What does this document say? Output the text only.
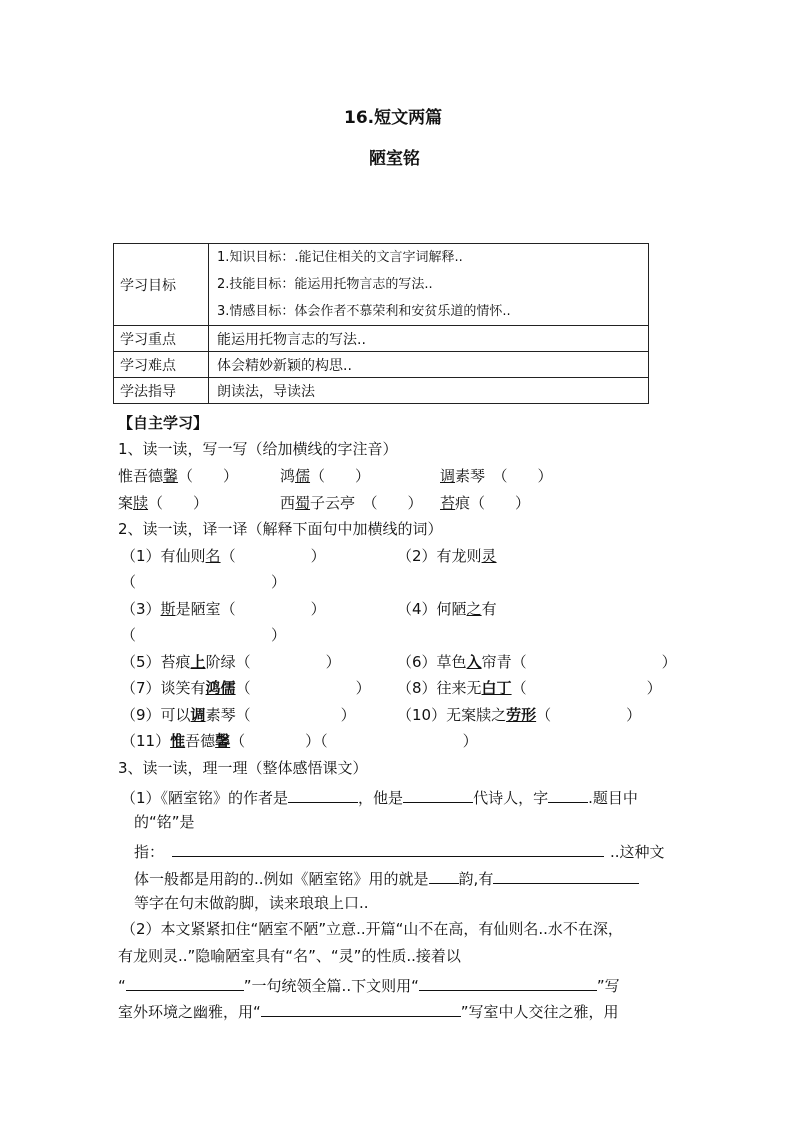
16.短文两篇
陋室铭
学习目标	1.知识目标：.能记住相关的文言字词解释..
2.技能目标：能运用托物言志的写法..
3.情感目标：体会作者不慕荣利和安贫乐道的情怀..

学习重点	能运用托物言志的写法..
学习难点	体会精妙新颖的构思..
学法指导	朗读法，导读法
【自主学习】
1、读一读，写一写（给加横线的字注音）
惟吾德馨（　　）	鸿儒（　　）	调素琴　（　　）
案牍（　　）	西蜀子云亭　（　　） 苔痕（　　）
2、读一读，译一译（解释下面句中加横线的词）
（1）有仙则名（　　　　　）	（2）有龙则灵
（　　　　　　　　　）
（3）斯是陋室（　　　　　）	（4）何陋之有
（　　　　　　　　　）
（5）苔痕上阶绿（　　　　　）	（6）草色入帘青（　　　　　　　　　）
（7）谈笑有鸿儒（　　　　　　　） （8）往来无白丁（　　　　　　　　）
（9）可以调素琴（　　　　　　）	（10）无案牍之劳形（　　　　　）
（11）惟吾德馨（　　　　）（　　　　　　　　　）
3、读一读，理一理（整体感悟课文）
（1）《陋室铭》的作者是	，他是	代诗人，字	.题目中
的“铭”是
指：	..这种文
体一般都是用韵的..例如《陋室铭》用的就是 韵,有
等字在句末做韵脚，读来琅琅上口..
（2）本文紧紧扣住“陋室不陋”立意..开篇“山不在高，有仙则名..水不在深，
有龙则灵..”隐喻陋室具有“名”、“灵”的性质..接着以
“	”一句统领全篇..下文则用“	”写
室外环境之幽雅，用“	”写室中人交往之雅，用
